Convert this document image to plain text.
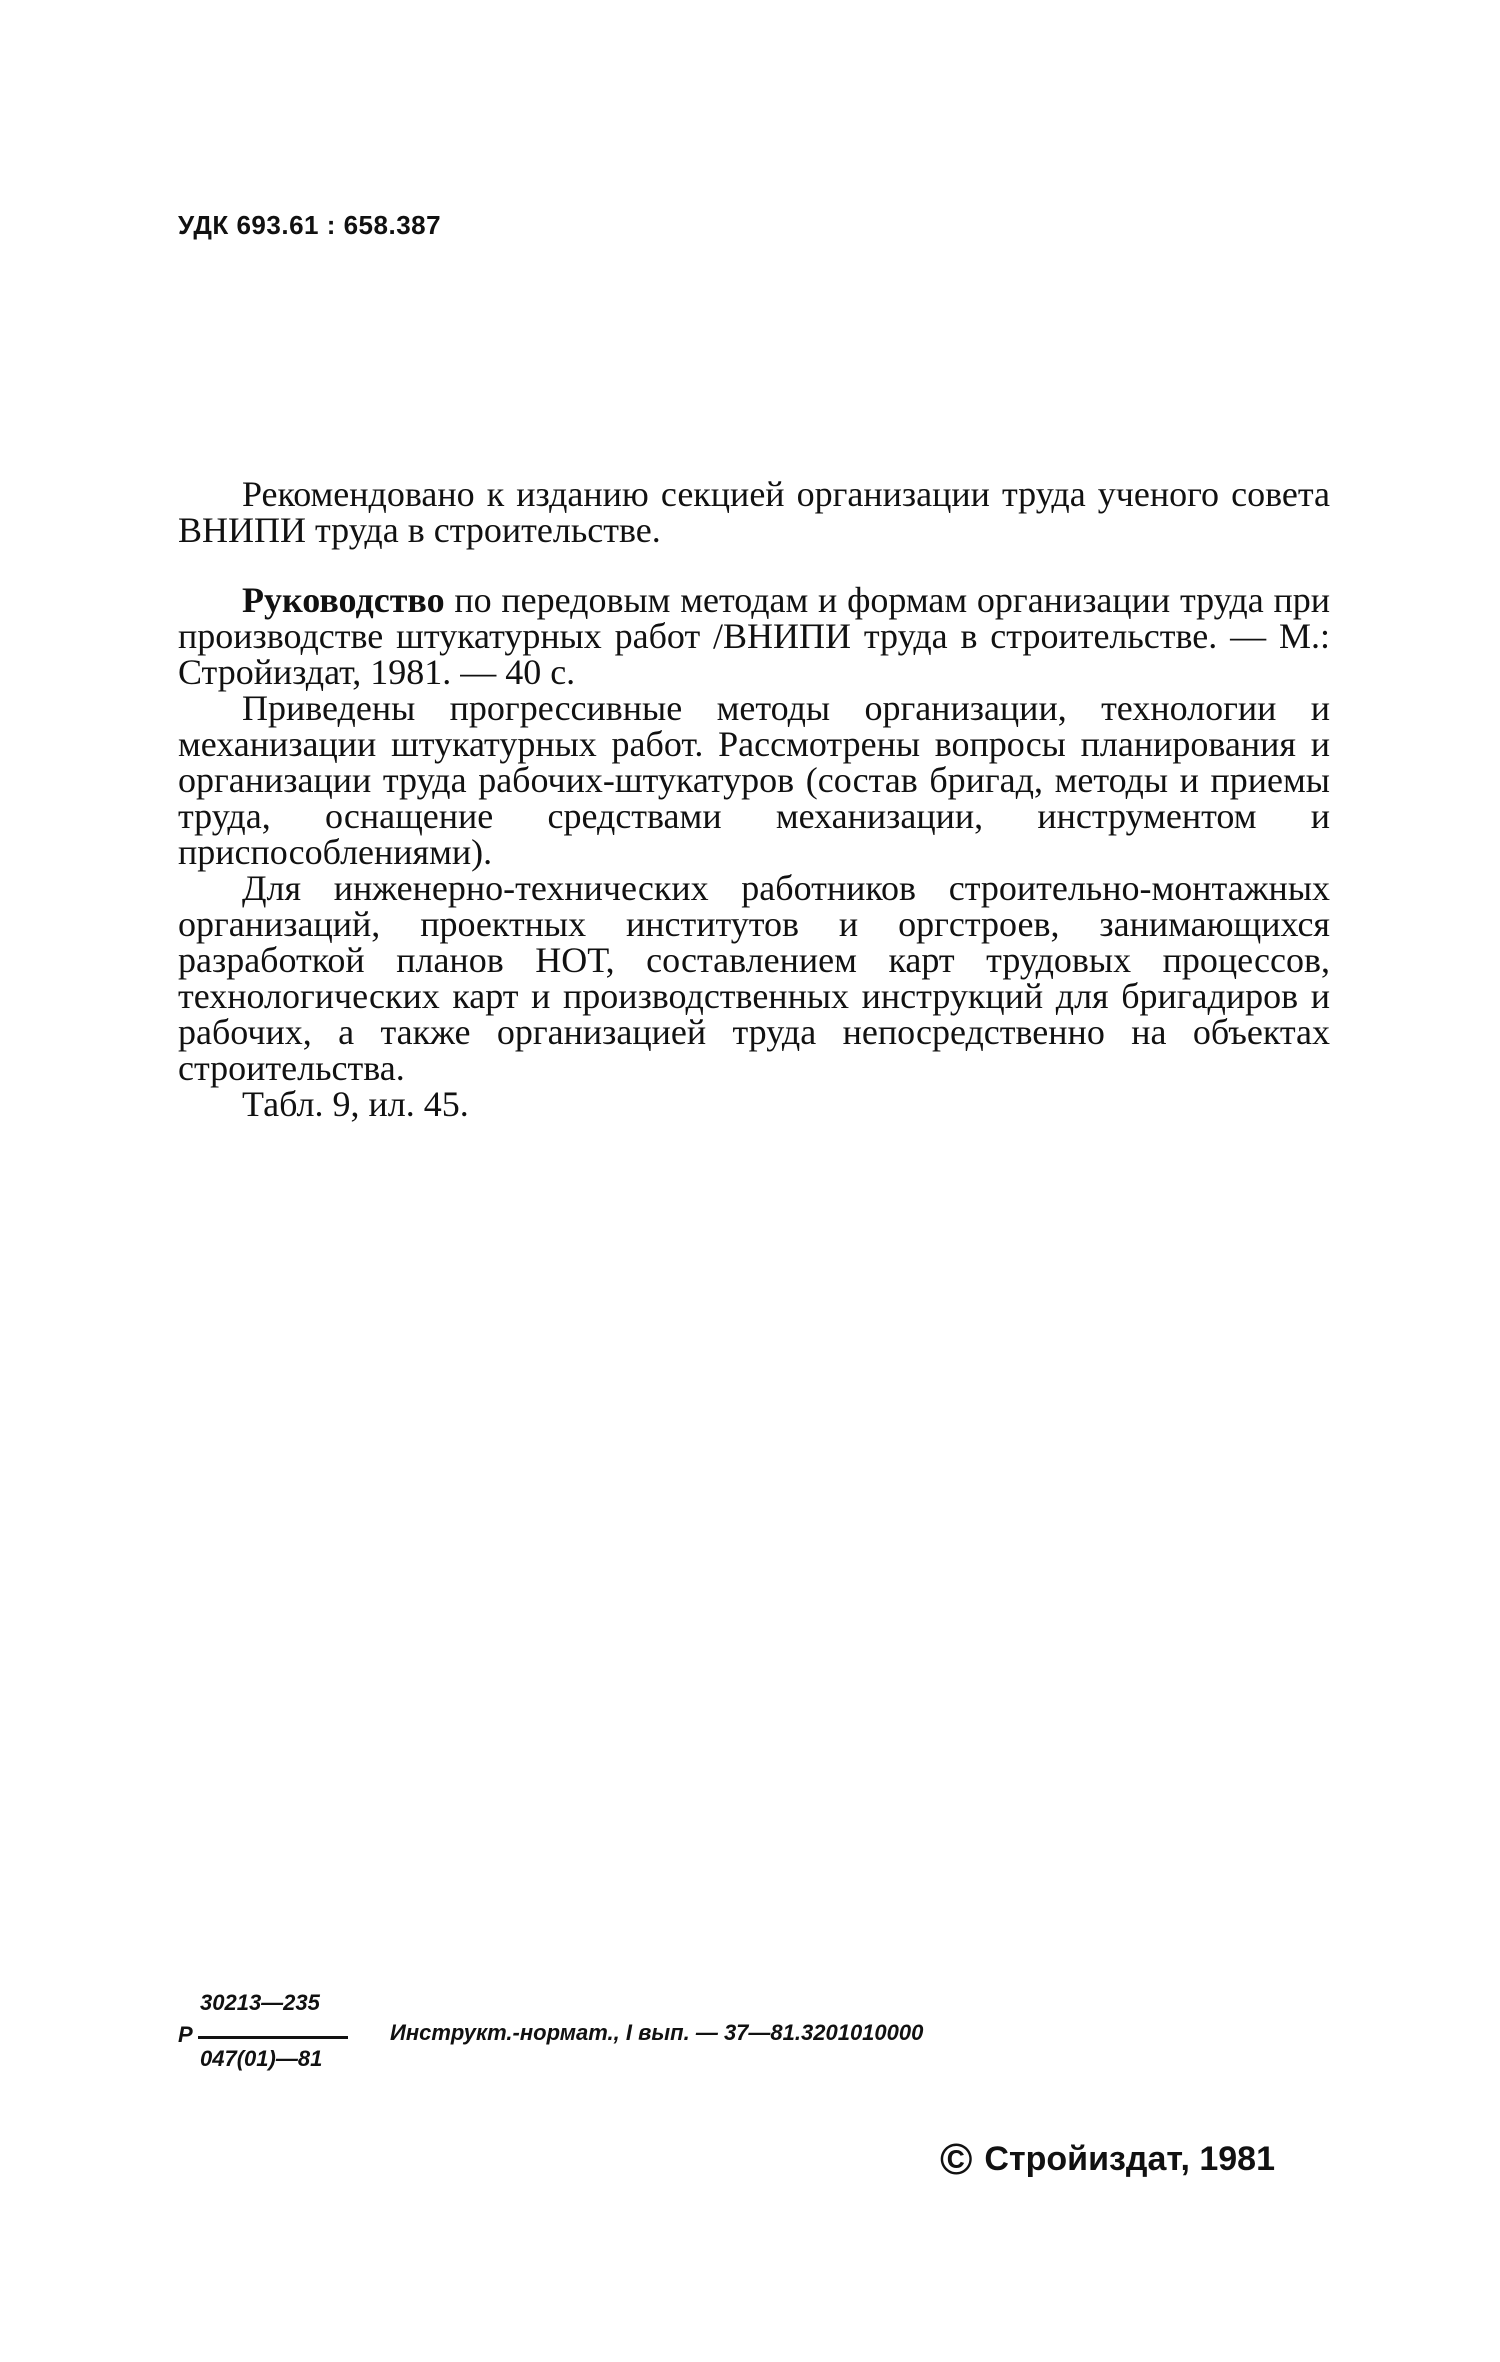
УДК 693.61 : 658.387

Рекомендовано к изданию секцией организации труда ученого совета ВНИПИ труда в строительстве.

Руководство по передовым методам и формам организации труда при производстве штукатурных работ /ВНИПИ труда в строительстве. — М.: Стройиздат, 1981. — 40 с.

Приведены прогрессивные методы организации, технологии и механизации штукатурных работ. Рассмотрены вопросы планирования и организации труда рабочих-штукатуров (состав бригад, методы и приемы труда, оснащение средствами механизации, инструментом и приспособлениями).

Для инженерно-технических работников строительно-монтажных организаций, проектных институтов и оргстроев, занимающихся разработкой планов НОТ, составлением карт трудовых процессов, технологических карт и производственных инструкций для бригадиров и рабочих, а также организацией труда непосредственно на объектах строительства.

Табл. 9, ил. 45.

30213—235
Р
047(01)—81
Инструкт.-нормат., I вып. — 37—81.3201010000
© Стройиздат, 1981
